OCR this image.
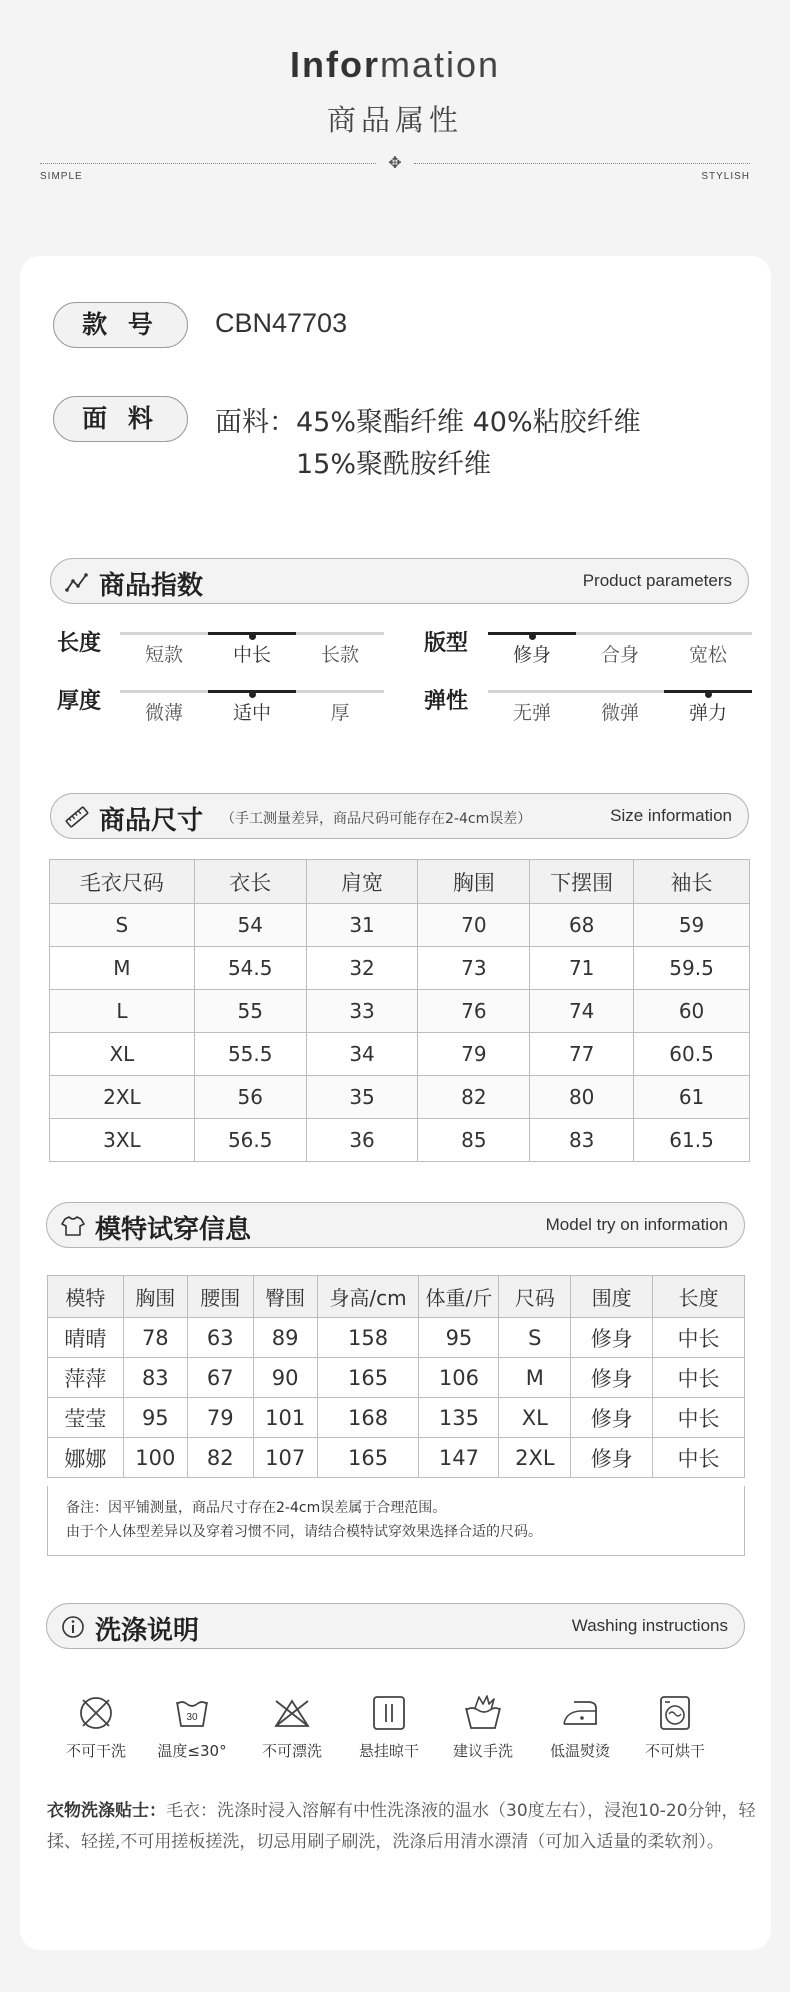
Information
商品属性
✥
SIMPLE	STYLISH
款 号	CBN47703
面 料	面料：45%聚酯纤维 40%粘胶纤维
15%聚酰胺纤维
商品指数	Product parameters
长度	短款	中长	长款	版型	修身	合身	宽松
厚度	微薄	适中	厚	弹性	无弹	微弹	弹力
商品尺寸 （手工测量差异，商品尺码可能存在2-4cm误差）	Size information
毛衣尺码	衣长	肩宽	胸围	下摆围	袖长
S	54	31	70	68	59
M	54.5	32	73	71	59.5
L	55	33	76	74	60
XL	55.5	34	79	77	60.5
2XL	56	35	82	80	61
3XL	56.5	36	85	83	61.5
模特试穿信息	Model try on information
模特	胸围	腰围	臀围	身高/cm	体重/斤	尺码	围度	长度
晴晴	78	63	89	158	95	S	修身	中长
萍萍	83	67	90	165	106	M	修身	中长
莹莹	95	79	101	168	135	XL	修身	中长
娜娜	100	82	107	165	147	2XL	修身	中长
备注：因平铺测量，商品尺寸存在2-4cm误差属于合理范围。
由于个人体型差异以及穿着习惯不同，请结合模特试穿效果选择合适的尺码。
洗涤说明	Washing instructions
不可干洗
30
温度≤30°	不可漂洗	悬挂晾干	建议手洗	低温熨烫	不可烘干
衣物洗涤贴士：毛衣：洗涤时浸入溶解有中性洗涤液的温水（30度左右），浸泡10-20分钟，轻揉、轻搓,不可用搓板搓洗，切忌用刷子刷洗，洗涤后用清水漂清（可加入适量的柔软剂）。
